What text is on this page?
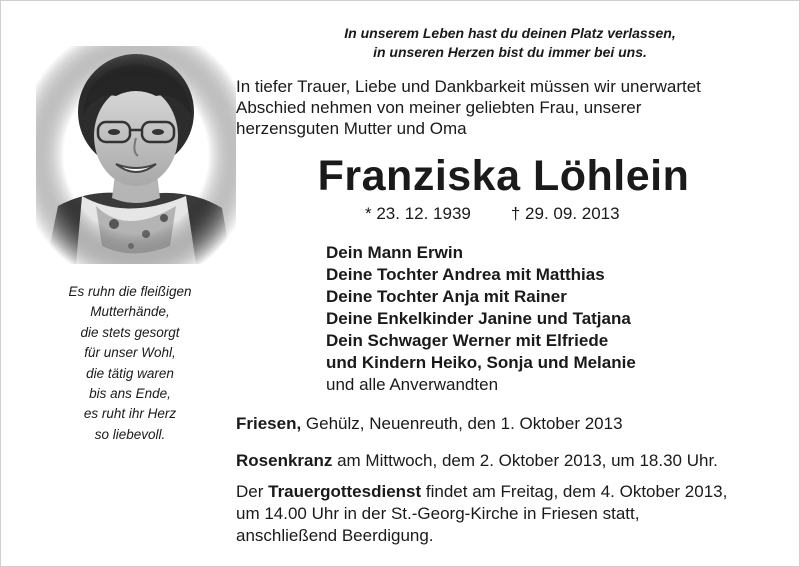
In unserem Leben hast du deinen Platz verlassen,
in unseren Herzen bist du immer bei uns.
Es ruhn die fleißigen
Mutterhände,
die stets gesorgt
für unser Wohl,
die tätig waren
bis ans Ende,
es ruht ihr Herz
so liebevoll.
In tiefer Trauer, Liebe und Dankbarkeit müssen wir unerwartet
Abschied nehmen von meiner geliebten Frau, unserer
herzensguten Mutter und Oma
Franziska Löhlein
* 23. 12. 1939 † 29. 09. 2013
Dein Mann Erwin
Deine Tochter Andrea mit Matthias
Deine Tochter Anja mit Rainer
Deine Enkelkinder Janine und Tatjana
Dein Schwager Werner mit Elfriede
und Kindern Heiko, Sonja und Melanie
und alle Anverwandten
Friesen, Gehülz, Neuenreuth, den 1. Oktober 2013
Rosenkranz am Mittwoch, dem 2. Oktober 2013, um 18.30 Uhr.
Der Trauergottesdienst findet am Freitag, dem 4. Oktober 2013,
um 14.00 Uhr in der St.-Georg-Kirche in Friesen statt,
anschließend Beerdigung.
